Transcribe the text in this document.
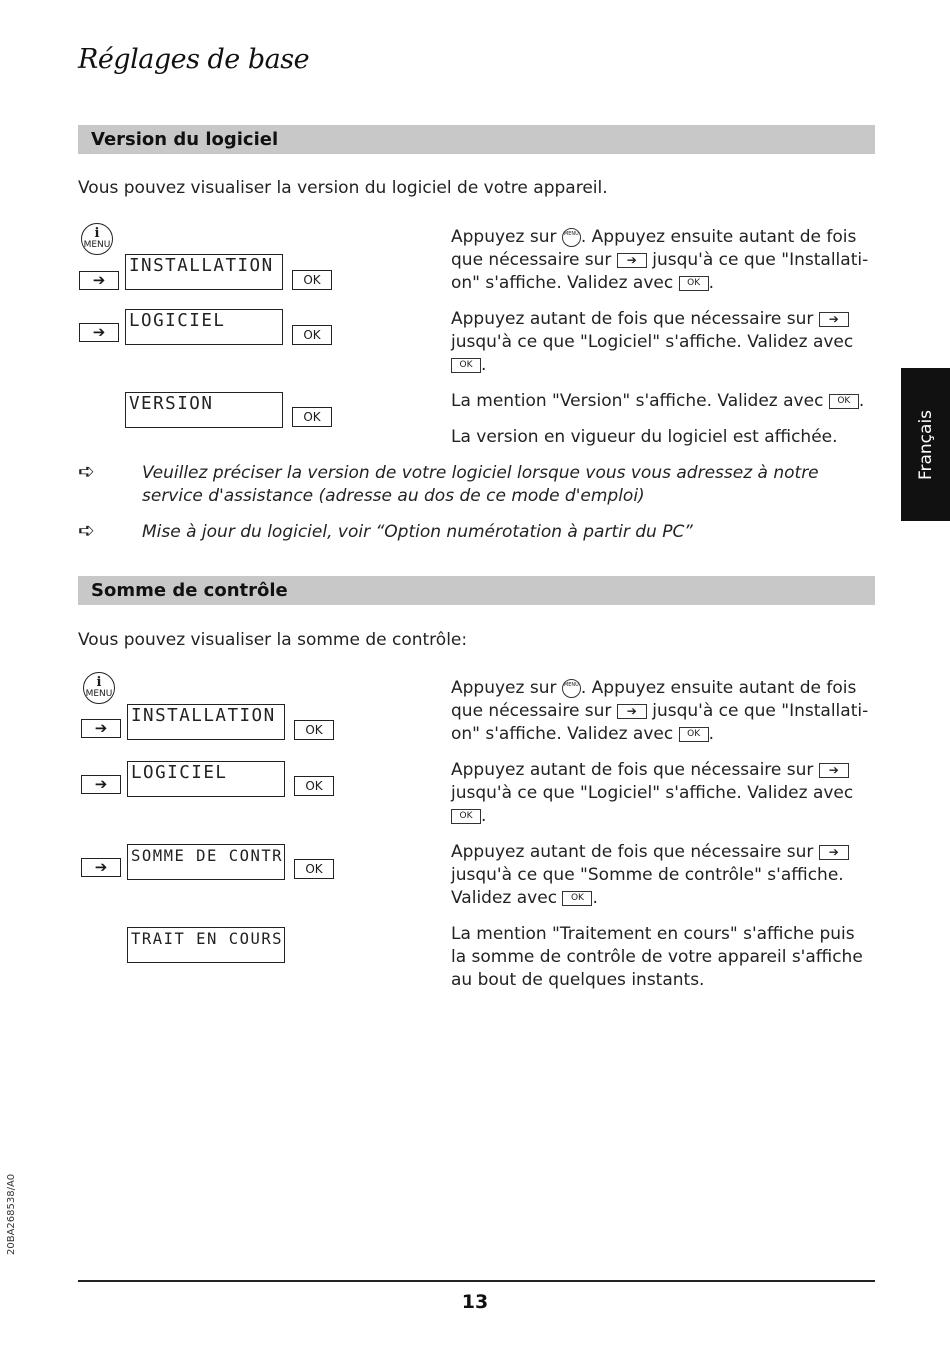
Réglages de base
Version du logiciel
Vous pouvez visualiser la version du logiciel de votre appareil.
i
MENU
➔
INSTALLATION
OK
➔
LOGICIEL
OK
VERSION
OK
Appuyez sur MENU . Appuyez ensuite autant de fois que nécessaire sur ➔ jusqu'à ce que "Installati-on" s'affiche. Validez avec OK .
Appuyez autant de fois que nécessaire sur ➔ jusqu'à ce que "Logiciel" s'affiche. Validez avec OK .
La mention "Version" s'affiche. Validez avec OK .
La version en vigueur du logiciel est affichée.
➪	Veuillez préciser la version de votre logiciel lorsque vous vous adressez à notre service d'assistance (adresse au dos de ce mode d'emploi)
➪	Mise à jour du logiciel, voir “Option numérotation à partir du PC”
Somme de contrôle
Vous pouvez visualiser la somme de contrôle:
i
MENU
➔
INSTALLATION
OK
➔
LOGICIEL
OK
➔
SOMME DE CONTR
OK
TRAIT EN COURS
Appuyez sur MENU . Appuyez ensuite autant de fois que nécessaire sur ➔ jusqu'à ce que "Installati-on" s'affiche. Validez avec OK .
Appuyez autant de fois que nécessaire sur ➔ jusqu'à ce que "Logiciel" s'affiche. Validez avec OK .
Appuyez autant de fois que nécessaire sur ➔ jusqu'à ce que "Somme de contrôle" s'affiche. Validez avec OK .
La mention "Traitement en cours" s'affiche puis la somme de contrôle de votre appareil s'affiche au bout de quelques instants.
Français
20BA268538/A0
13
